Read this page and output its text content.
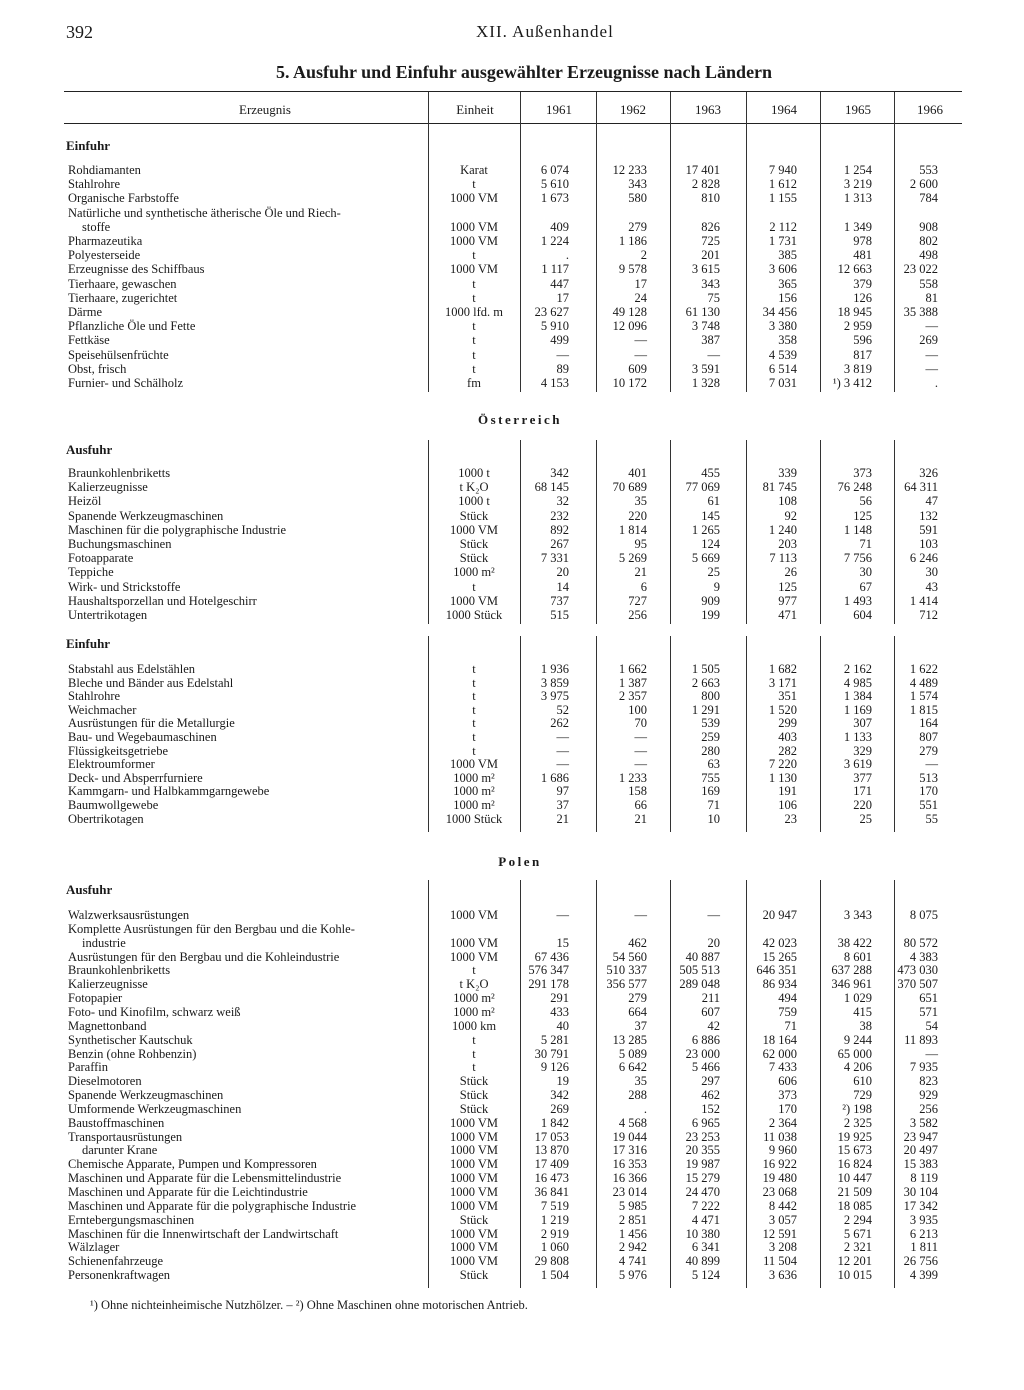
392	XII. Außenhandel
5. Ausfuhr und Einfuhr ausgewählter Erzeugnisse nach Ländern
Erzeugnis	Einheit	1961	1962	1963	1964	1965	1966
Einfuhr
Rohdiamanten	Karat	6 074	12 233	17 401	7 940	1 254	553
Stahlrohre	t	5 610	343	2 828	1 612	3 219	2 600
Organische Farbstoffe	1000 VM	1 673	580	810	1 155	1 313	784
Natürliche und synthetische ätherische Öle und Riech-
stoffe	1000 VM	409	279	826	2 112	1 349	908
Pharmazeutika	1000 VM	1 224	1 186	725	1 731	978	802
Polyesterseide	t	.	2	201	385	481	498
Erzeugnisse des Schiffbaus	1000 VM	1 117	9 578	3 615	3 606	12 663	23 022
Tierhaare, gewaschen	t	447	17	343	365	379	558
Tierhaare, zugerichtet	t	17	24	75	156	126	81
Därme	1000 lfd. m	23 627	49 128	61 130	34 456	18 945	35 388
Pflanzliche Öle und Fette	t	5 910	12 096	3 748	3 380	2 959	—
Fettkäse	t	499	—	387	358	596	269
Speisehülsenfrüchte	t	—	—	—	4 539	817	—
Obst, frisch	t	89	609	3 591	6 514	3 819	—
Furnier- und Schälholz	fm	4 153	10 172	1 328	7 031	¹) 3 412	.
Österreich
Ausfuhr
Braunkohlenbriketts	1000 t	342	401	455	339	373	326
Kalierzeugnisse	t K₂O	68 145	70 689	77 069	81 745	76 248	64 311
Heizöl	1000 t	32	35	61	108	56	47
Spanende Werkzeugmaschinen	Stück	232	220	145	92	125	132
Maschinen für die polygraphische Industrie	1000 VM	892	1 814	1 265	1 240	1 148	591
Buchungsmaschinen	Stück	267	95	124	203	71	103
Fotoapparate	Stück	7 331	5 269	5 669	7 113	7 756	6 246
Teppiche	1000 m²	20	21	25	26	30	30
Wirk- und Strickstoffe	t	14	6	9	125	67	43
Haushaltsporzellan und Hotelgeschirr	1000 VM	737	727	909	977	1 493	1 414
Untertrikotagen	1000 Stück	515	256	199	471	604	712
Einfuhr
Stabstahl aus Edelstählen	t	1 936	1 662	1 505	1 682	2 162	1 622
Bleche und Bänder aus Edelstahl	t	3 859	1 387	2 663	3 171	4 985	4 489
Stahlrohre	t	3 975	2 357	800	351	1 384	1 574
Weichmacher	t	52	100	1 291	1 520	1 169	1 815
Ausrüstungen für die Metallurgie	t	262	70	539	299	307	164
Bau- und Wegebaumaschinen	t	—	—	259	403	1 133	807
Flüssigkeitsgetriebe	t	—	—	280	282	329	279
Elektroumformer	1000 VM	—	—	63	7 220	3 619	—
Deck- und Absperrfurniere	1000 m²	1 686	1 233	755	1 130	377	513
Kammgarn- und Halbkammgarngewebe	1000 m²	97	158	169	191	171	170
Baumwollgewebe	1000 m²	37	66	71	106	220	551
Obertrikotagen	1000 Stück	21	21	10	23	25	55
Polen
Ausfuhr
Walzwerksausrüstungen	1000 VM	—	—	—	20 947	3 343	8 075
Komplette Ausrüstungen für den Bergbau und die Kohle-
industrie	1000 VM	15	462	20	42 023	38 422	80 572
Ausrüstungen für den Bergbau und die Kohleindustrie	1000 VM	67 436	54 560	40 887	15 265	8 601	4 383
Braunkohlenbriketts	t	576 347	510 337	505 513	646 351	637 288	473 030
Kalierzeugnisse	t K₂O	291 178	356 577	289 048	86 934	346 961	370 507
Fotopapier	1000 m²	291	279	211	494	1 029	651
Foto- und Kinofilm, schwarz weiß	1000 m²	433	664	607	759	415	571
Magnettonband	1000 km	40	37	42	71	38	54
Synthetischer Kautschuk	t	5 281	13 285	6 886	18 164	9 244	11 893
Benzin (ohne Rohbenzin)	t	30 791	5 089	23 000	62 000	65 000	—
Paraffin	t	9 126	6 642	5 466	7 433	4 206	7 935
Dieselmotoren	Stück	19	35	297	606	610	823
Spanende Werkzeugmaschinen	Stück	342	288	462	373	729	929
Umformende Werkzeugmaschinen	Stück	269	.	152	170	²) 198	256
Baustoffmaschinen	1000 VM	1 842	4 568	6 965	2 364	2 325	3 582
Transportausrüstungen	1000 VM	17 053	19 044	23 253	11 038	19 925	23 947
darunter Krane	1000 VM	13 870	17 316	20 355	9 960	15 673	20 497
Chemische Apparate, Pumpen und Kompressoren	1000 VM	17 409	16 353	19 987	16 922	16 824	15 383
Maschinen und Apparate für die Lebensmittelindustrie	1000 VM	16 473	16 366	15 279	19 480	10 447	8 119
Maschinen und Apparate für die Leichtindustrie	1000 VM	36 841	23 014	24 470	23 068	21 509	30 104
Maschinen und Apparate für die polygraphische Industrie	1000 VM	7 519	5 985	7 222	8 442	18 085	17 342
Erntebergungsmaschinen	Stück	1 219	2 851	4 471	3 057	2 294	3 935
Maschinen für die Innenwirtschaft der Landwirtschaft	1000 VM	2 919	1 456	10 380	12 591	5 671	6 213
Wälzlager	1000 VM	1 060	2 942	6 341	3 208	2 321	1 811
Schienenfahrzeuge	1000 VM	29 808	4 741	40 899	11 504	12 201	26 756
Personenkraftwagen	Stück	1 504	5 976	5 124	3 636	10 015	4 399
¹) Ohne nichteinheimische Nutzhölzer. – ²) Ohne Maschinen ohne motorischen Antrieb.
